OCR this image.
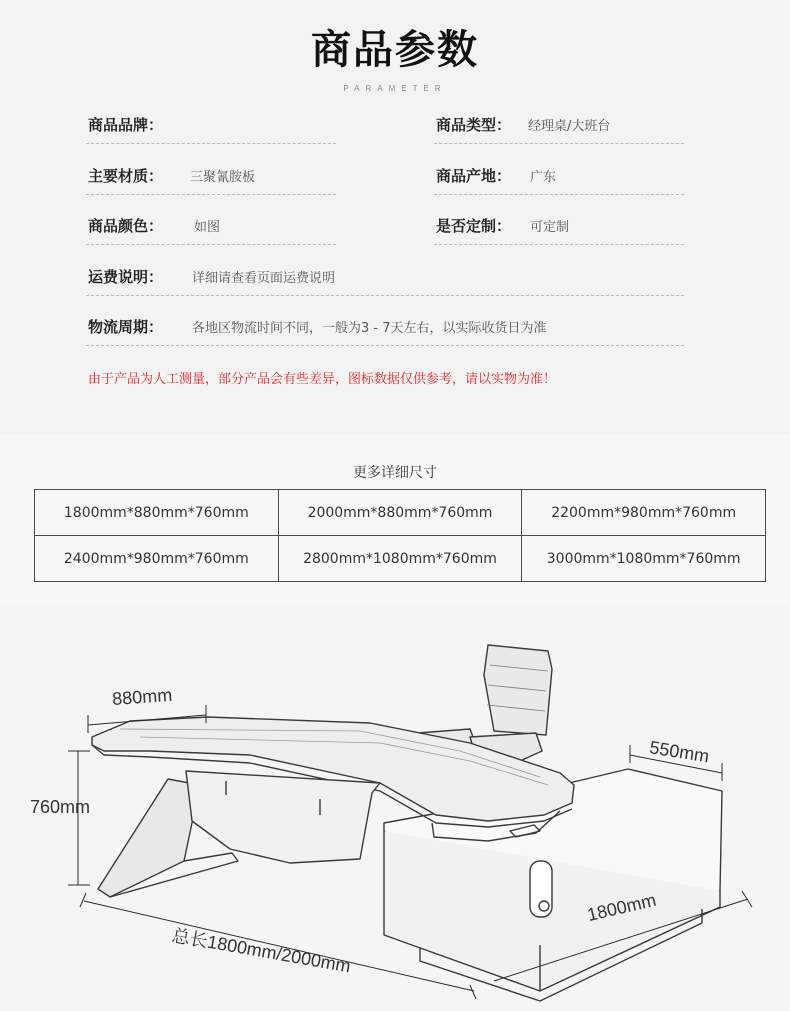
商品参数
PARAMETER
商品品牌：	商品类型： 经理桌/大班台
主要材质： 三聚氰胺板	商品产地： 广东
商品颜色： 如图	是否定制： 可定制
运费说明： 详细请查看页面运费说明
物流周期： 各地区物流时间不同，一般为3 - 7天左右，以实际收货日为准
由于产品为人工测量，部分产品会有些差异，图标数据仅供参考，请以实物为准！
更多详细尺寸
1800mm*880mm*760mm	2000mm*880mm*760mm	2200mm*980mm*760mm
2400mm*980mm*760mm	2800mm*1080mm*760mm	3000mm*1080mm*760mm
880mm
760mm
550mm
1800mm
总长1800mm/2000mm
